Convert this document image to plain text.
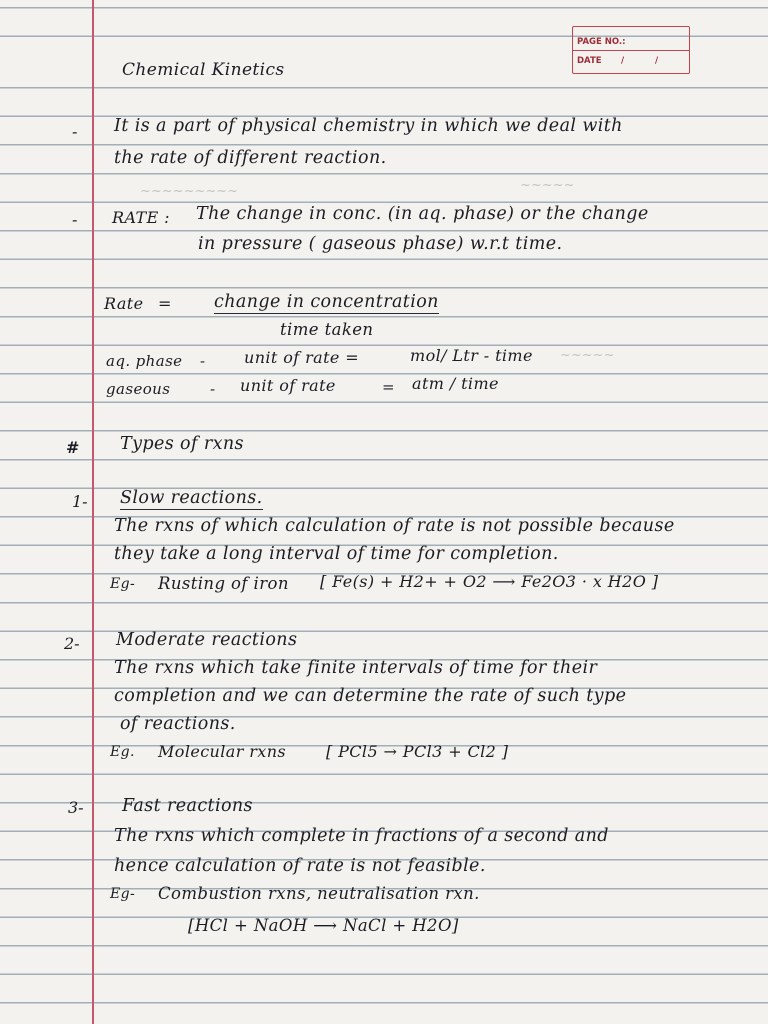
PAGE NO.:
DATE /	/
~~~~~~~~~	~~~~~
~~~~~
Chemical Kinetics
- It is a part of physical chemistry in which we deal with
the rate of different reaction.
- RATE : The change in conc. (in aq. phase) or the change
in pressure ( gaseous phase) w.r.t time.
Rate = change in concentration
time taken
aq. phase - unit of rate =	mol/ Ltr - time
gaseous	- unit of rate	= atm / time
# Types of rxns
1- Slow reactions.
The rxns of which calculation of rate is not possible because
they take a long interval of time for completion.
Eg- Rusting of iron [ Fe(s) + H2+ + O2 ⟶ Fe2O3 · x H2O ]
2- Moderate reactions
The rxns which take finite intervals of time for their
completion and we can determine the rate of such type
of reactions.
Eg. Molecular rxns [ PCl5 → PCl3 + Cl2 ]
3- Fast reactions
The rxns which complete in fractions of a second and
hence calculation of rate is not feasible.
Eg- Combustion rxns, neutralisation rxn.
[HCl + NaOH ⟶ NaCl + H2O]
